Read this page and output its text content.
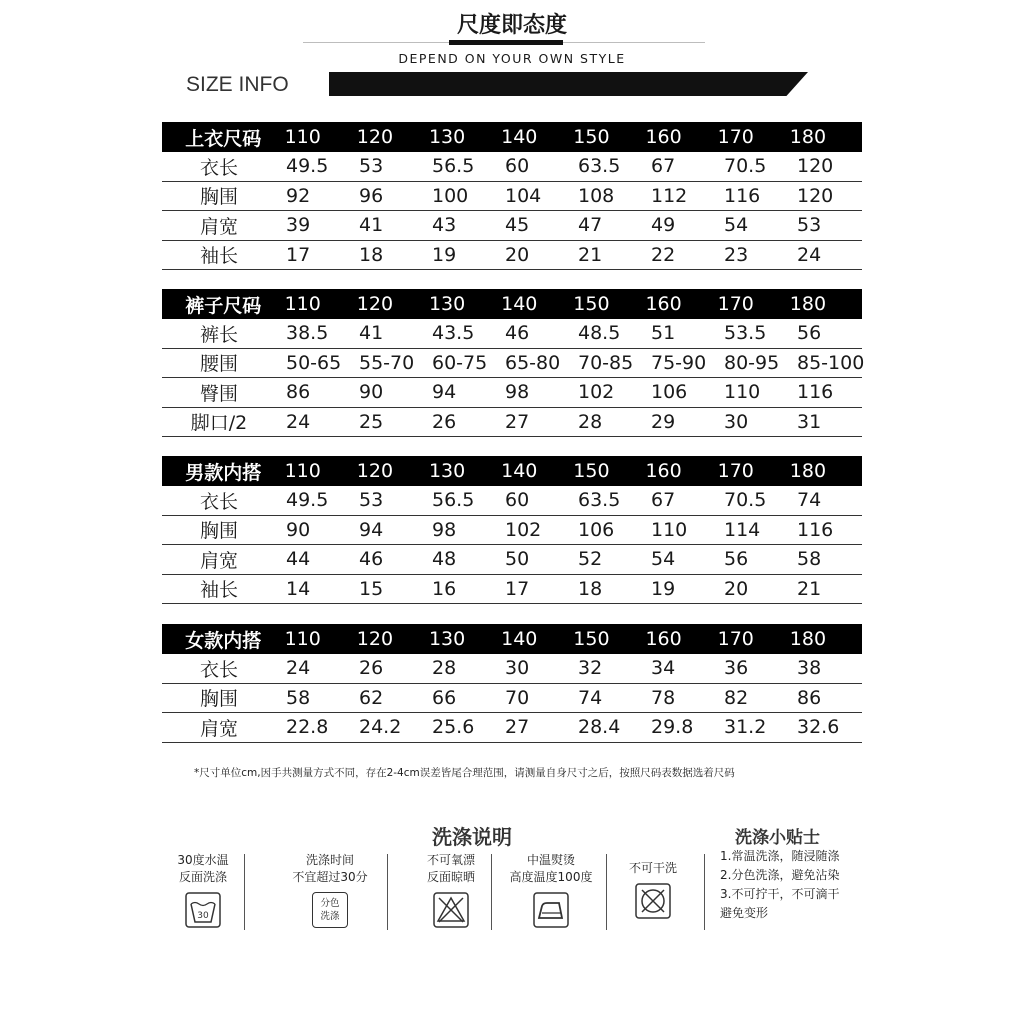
尺度即态度
DEPEND ON YOUR OWN STYLE
SIZE INFO
上衣尺码	110	120	130	140	150	160	170	180
衣长	49.5	53	56.5	60	63.5	67	70.5	120
胸围	92	96	100	104	108	112	116	120
肩宽	39	41	43	45	47	49	54	53
袖长	17	18	19	20	21	22	23	24
裤子尺码	110	120	130	140	150	160	170	180
裤长	38.5	41	43.5	46	48.5	51	53.5	56
腰围	50-65 55-70 60-75 65-80 70-85 75-90 80-95 85-100
臀围	86	90	94	98	102	106	110	116
脚口/2	24	25	26	27	28	29	30	31
男款内搭	110	120	130	140	150	160	170	180
衣长	49.5	53	56.5	60	63.5	67	70.5	74
胸围	90	94	98	102	106	110	114	116
肩宽	44	46	48	50	52	54	56	58
袖长	14	15	16	17	18	19	20	21
女款内搭	110	120	130	140	150	160	170	180
衣长	24	26	28	30	32	34	36	38
胸围	58	62	66	70	74	78	82	86
肩宽	22.8	24.2	25.6	27	28.4	29.8	31.2	32.6
*尺寸单位cm,因手共测量方式不同，存在2-4cm误差皆尾合理范围，请测量自身尺寸之后，按照尺码表数据选着尺码
洗涤说明
30度水温
反面洗涤
30
洗涤时间
不宜超过30分
分色洗涤
不可氧漂
反面晾晒
中温熨烫
高度温度100度
不可干洗
洗涤小贴士
1.常温洗涤，随浸随涤
2.分色洗涤，避免沾染
3.不可拧干，不可滴干
避免变形
